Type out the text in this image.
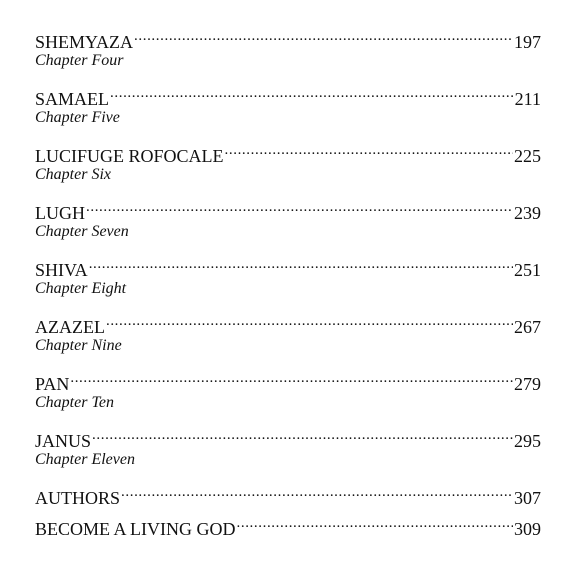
SHEMYAZA .....	197
Chapter Four
SAMAEL .....	211
Chapter Five
LUCIFUGE ROFOCALE .....	225
Chapter Six
LUGH .....	239
Chapter Seven
SHIVA .....	251
Chapter Eight
AZAZEL .....	267
Chapter Nine
PAN .....	279
Chapter Ten
JANUS .....	295
Chapter Eleven
AUTHORS .....	307
BECOME A LIVING GOD .....	309
